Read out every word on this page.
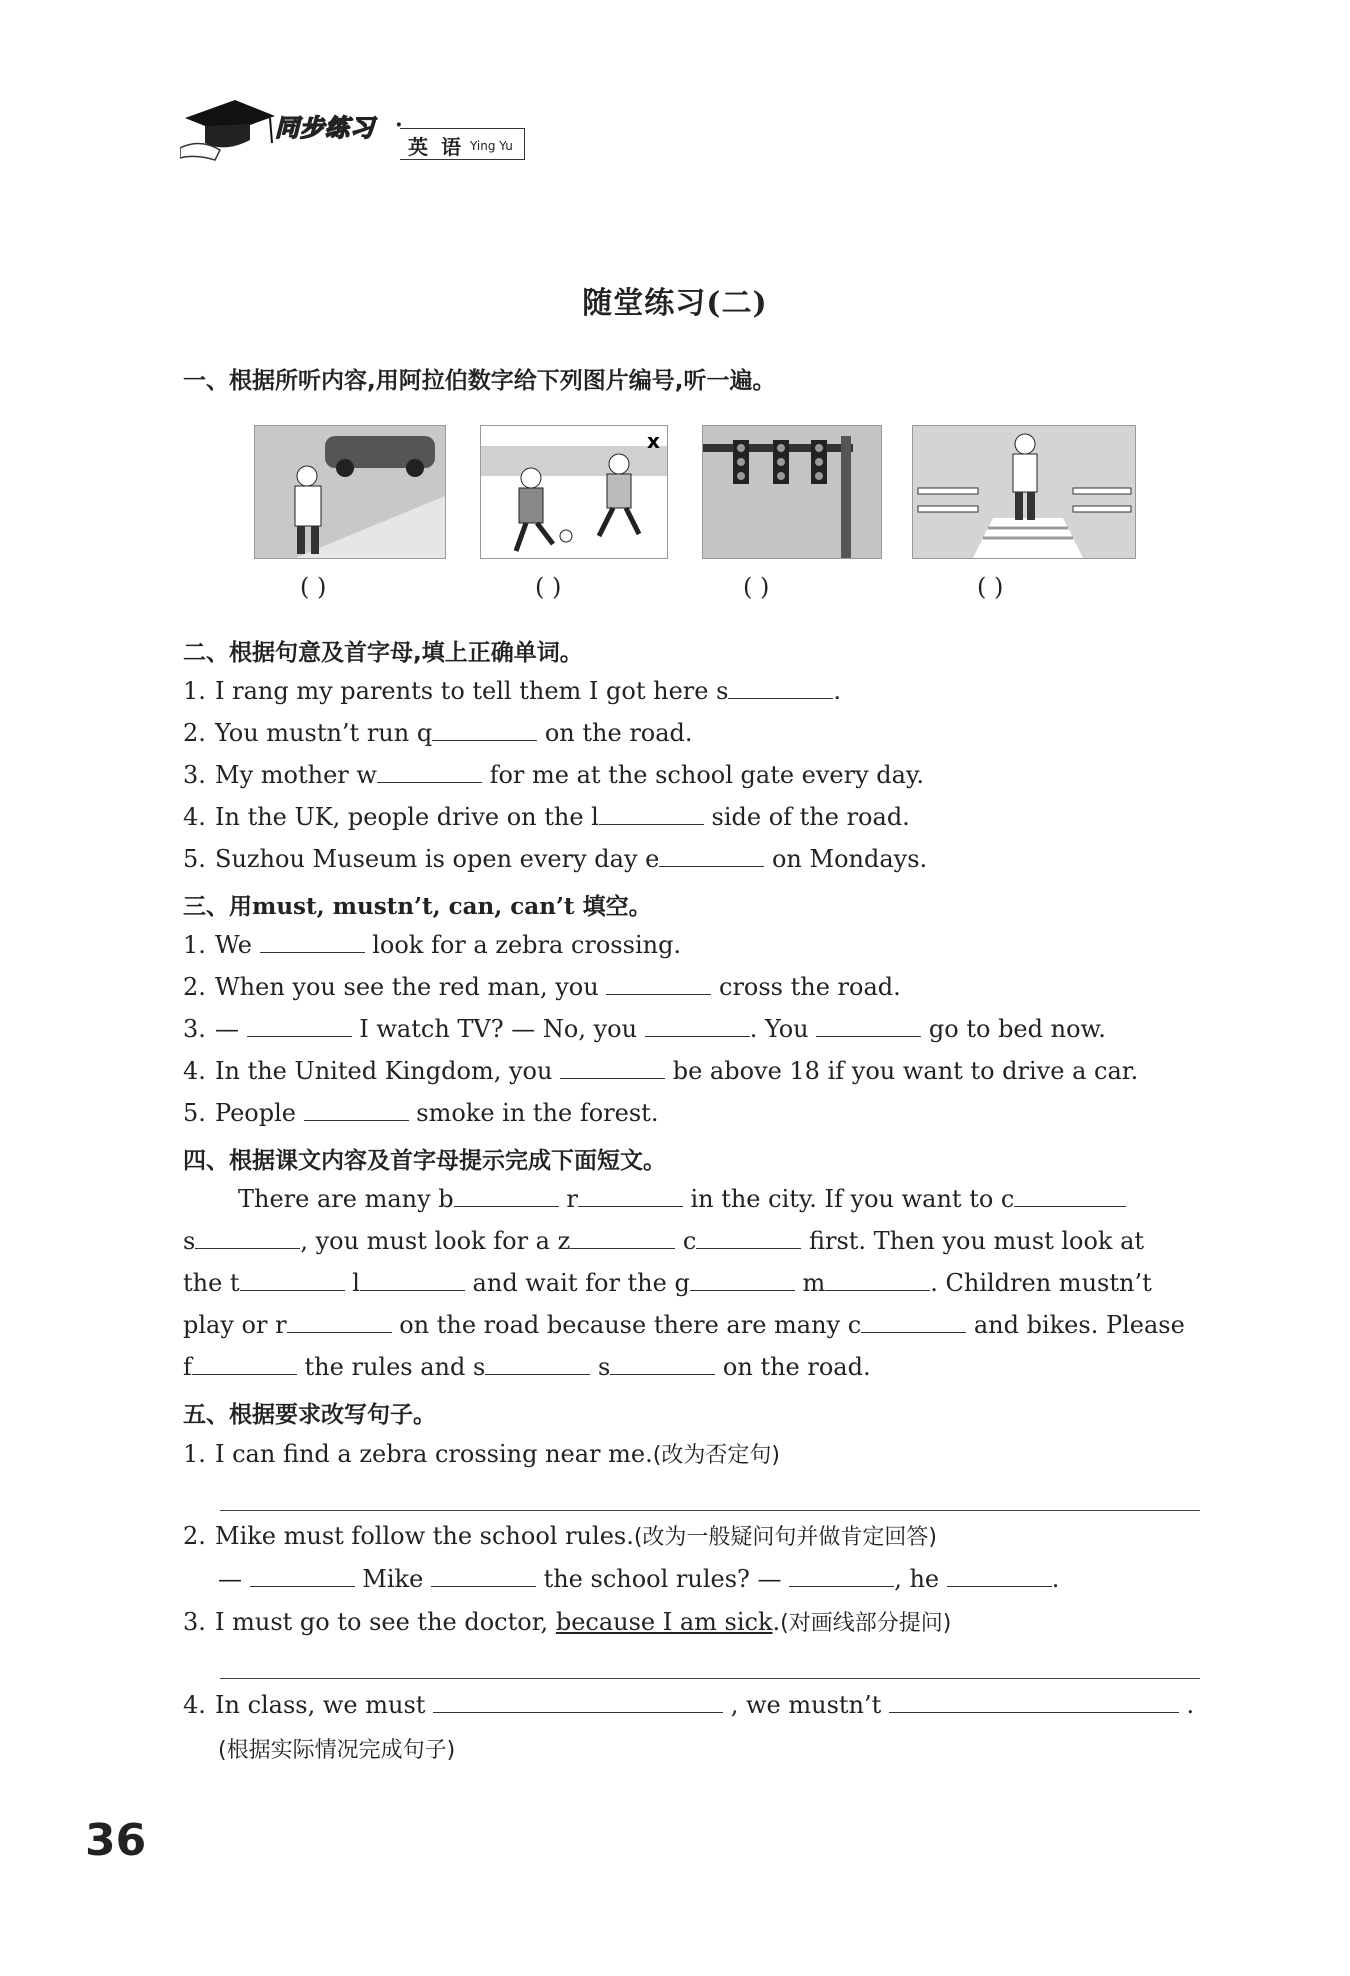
同步练习 ·
英 语 Ying Yu
随堂练习(二)
一、根据所听内容,用阿拉伯数字给下列图片编号,听一遍。
x
( )	( )	( )	( )
二、根据句意及首字母,填上正确单词。
1. I rang my parents to tell them I got here s	.
2. You mustn’t run q	on the road.
3. My mother w	for me at the school gate every day.
4. In the UK, people drive on the l	side of the road.
5. Suzhou Museum is open every day e	on Mondays.
三、用must, mustn’t, can, can’t 填空。
1. We	look for a zebra crossing.
2. When you see the red man, you	cross the road.
3. —	I watch TV? — No, you	. You	go to bed now.
4. In the United Kingdom, you	be above 18 if you want to drive a car.
5. People	smoke in the forest.
四、根据课文内容及首字母提示完成下面短文。
There are many b	r	in the city. If you want to c
s	, you must look for a z	c	first. Then you must look at
the t	l	and wait for the g	m	. Children mustn’t
play or r	on the road because there are many c	and bikes. Please
f	the rules and s	s	on the road.
五、根据要求改写句子。
1. I can find a zebra crossing near me.(改为否定句)
2. Mike must follow the school rules.(改为一般疑问句并做肯定回答)
—	Mike	the school rules? —	, he	.
3. I must go to see the doctor, because I am sick.(对画线部分提问)
4. In class, we must	, we mustn’t	.
(根据实际情况完成句子)
36
